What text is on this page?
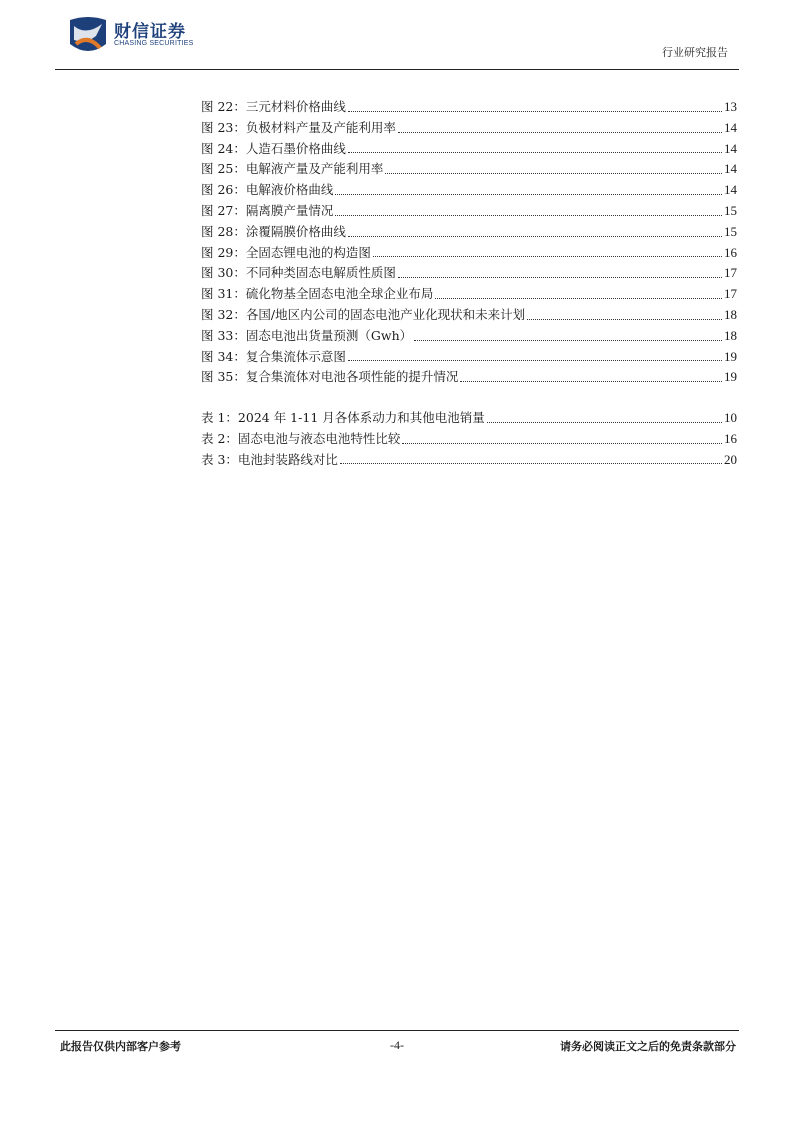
财信证券
CHASING SECURITIES
行业研究报告
图 22：三元材料价格曲线	13
图 23：负极材料产量及产能利用率	14
图 24：人造石墨价格曲线	14
图 25：电解液产量及产能利用率	14
图 26：电解液价格曲线	14
图 27：隔离膜产量情况	15
图 28：涂覆隔膜价格曲线	15
图 29：全固态锂电池的构造图	16
图 30：不同种类固态电解质性质图	17
图 31：硫化物基全固态电池全球企业布局	17
图 32：各国/地区内公司的固态电池产业化现状和未来计划	18
图 33：固态电池出货量预测（Gwh）	18
图 34：复合集流体示意图	19
图 35：复合集流体对电池各项性能的提升情况	19
表 1：2024 年 1-11 月各体系动力和其他电池销量	10
表 2：固态电池与液态电池特性比较	16
表 3：电池封装路线对比	20
此报告仅供内部客户参考	-4-	请务必阅读正文之后的免责条款部分
